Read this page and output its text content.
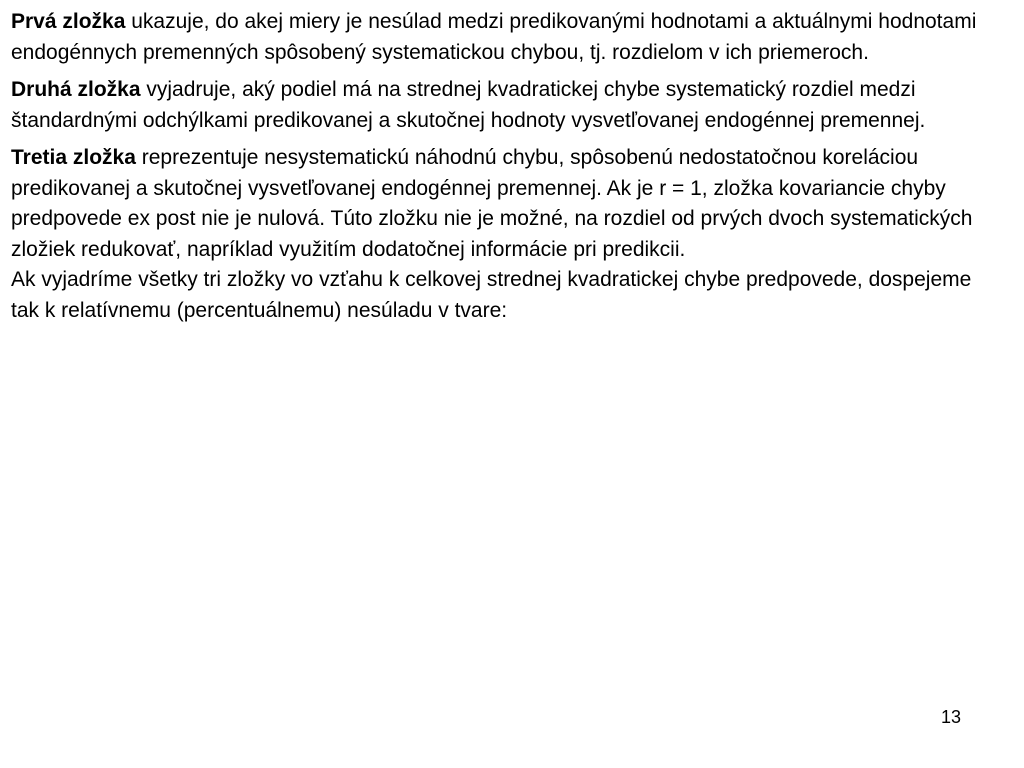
Prvá zložka ukazuje, do akej miery je nesúlad medzi predikovanými hodnotami a aktuálnymi hodnotami endogénnych premenných spôsobený systematickou chybou, tj. rozdielom v ich priemeroch.

Druhá zložka vyjadruje, aký podiel má na strednej kvadratickej chybe systematický rozdiel medzi štandardnými odchýlkami predikovanej a skutočnej hodnoty vysvetľovanej endogénnej premennej.

Tretia zložka reprezentuje nesystematickú náhodnú chybu, spôsobenú nedostatočnou koreláciou predikovanej a skutočnej vysvetľovanej endogénnej premennej. Ak je r = 1, zložka kovariancie chyby predpovede ex post nie je nulová. Túto zložku nie je možné, na rozdiel od prvých dvoch systematických zložiek redukovať, napríklad využitím dodatočnej informácie pri predikcii.

Ak vyjadríme všetky tri zložky vo vzťahu k celkovej strednej kvadratickej chybe predpovede, dospejeme tak k relatívnemu (percentuálnemu) nesúladu v tvare:

13
